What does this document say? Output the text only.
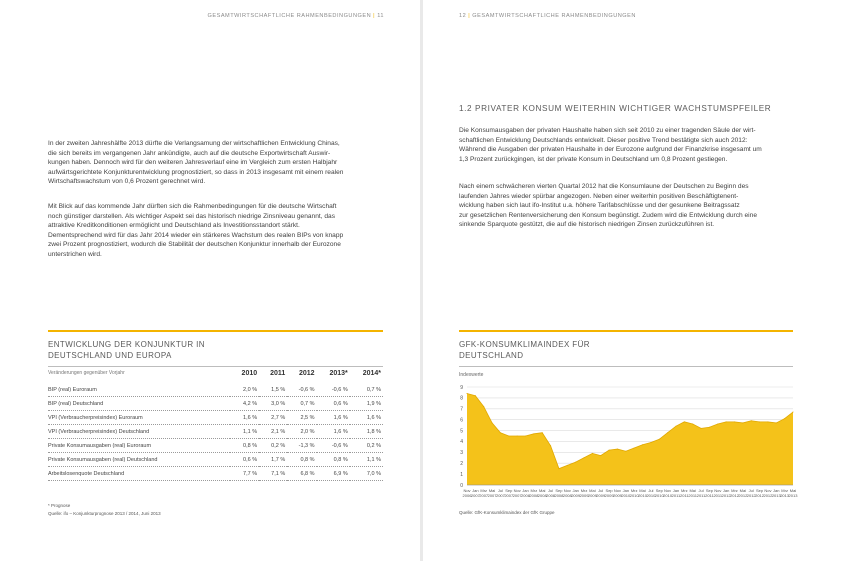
GESAMTWIRTSCHAFTLICHE RAHMENBEDINGUNGEN | 11
In der zweiten Jahreshälfte 2013 dürfte die Verlangsamung der wirtschaftlichen Entwicklung Chinas,
die sich bereits im vergangenen Jahr ankündigte, auch auf die deutsche Exportwirtschaft Auswir-
kungen haben. Dennoch wird für den weiteren Jahresverlauf eine im Vergleich zum ersten Halbjahr
aufwärtsgerichtete Konjunkturentwicklung prognostiziert, so dass in 2013 insgesamt mit einem realen
Wirtschaftswachstum von 0,6 Prozent gerechnet wird.
Mit Blick auf das kommende Jahr dürften sich die Rahmenbedingungen für die deutsche Wirtschaft
noch günstiger darstellen. Als wichtiger Aspekt sei das historisch niedrige Zinsniveau genannt, das
attraktive Kreditkonditionen ermöglicht und Deutschland als Investitionsstandort stärkt.
Dementsprechend wird für das Jahr 2014 wieder ein stärkeres Wachstum des realen BIPs von knapp
zwei Prozent prognostiziert, wodurch die Stabilität der deutschen Konjunktur innerhalb der Eurozone
unterstrichen wird.
ENTWICKLUNG DER KONJUNKTUR IN
DEUTSCHLAND UND EUROPA
Veränderungen gegenüber Vorjahr	2010	2011	2012	2013*	2014*
BIP (real) Euroraum	2,0 %	1,5 %	-0,6 %	-0,6 %	0,7 %
BIP (real) Deutschland	4,2 %	3,0 %	0,7 %	0,6 %	1,9 %
VPI (Verbraucherpreisindex) Euroraum	1,6 %	2,7 %	2,5 %	1,6 %	1,6 %
VPI (Verbraucherpreisindex) Deutschland	1,1 %	2,1 %	2,0 %	1,6 %	1,8 %
Private Konsumausgaben (real) Euroraum	0,8 %	0,2 %	-1,3 %	-0,6 %	0,2 %
Private Konsumausgaben (real) Deutschland	0,6 %	1,7 %	0,8 %	0,8 %	1,1 %
Arbeitslosenquote Deutschland	7,7 %	7,1 %	6,8 %	6,9 %	7,0 %
* Prognose
Quelle: ifo – Konjunkturprognose 2013 / 2014, Juni 2013
12 | GESAMTWIRTSCHAFTLICHE RAHMENBEDINGUNGEN
1.2 PRIVATER KONSUM WEITERHIN WICHTIGER WACHSTUMSPFEILER
Die Konsumausgaben der privaten Haushalte haben sich seit 2010 zu einer tragenden Säule der wirt-
schaftlichen Entwicklung Deutschlands entwickelt. Dieser positive Trend bestätigte sich auch 2012:
Während die Ausgaben der privaten Haushalte in der Eurozone aufgrund der Finanzkrise insgesamt um
1,3 Prozent zurückgingen, ist der private Konsum in Deutschland um 0,8 Prozent gestiegen.
Nach einem schwächeren vierten Quartal 2012 hat die Konsumlaune der Deutschen zu Beginn des
laufenden Jahres wieder spürbar angezogen. Neben einer weiterhin positiven Beschäftigtenent-
wicklung haben sich laut ifo-Institut u.a. höhere Tarifabschlüsse und der gesunkene Beitragssatz
zur gesetzlichen Rentenversicherung den Konsum begünstigt. Zudem wird die Entwicklung durch eine
sinkende Sparquote gestützt, die auf die historisch niedrigen Zinsen zurückzuführen ist.
GFK-KONSUMKLIMAINDEX FÜR
DEUTSCHLAND
Indexwerte
Quelle: GfK-Konsumklimaindex der GfK Gruppe
0
1
2
3
4
5
6
7
8
9
Nov
2006
Jan
2007
Mrz
2007
Mai
2007
Jul
2007
Sep
2007
Nov
2007
Jan
2008
Mrz
2008
Mai
2008
Jul
2008
Sep
2008
Nov
2008
Jan
2009
Mrz
2009
Mai
2009
Jul
2009
Sep
2009
Nov
2009
Jan
2010
Mrz
2010
Mai
2010
Jul
2010
Sep
2010
Nov
2010
Jan
2011
Mrz
2011
Mai
2011
Jul
2011
Sep
2011
Nov
2011
Jan
2012
Mrz
2012
Mai
2012
Jul
2012
Sep
2012
Nov
2012
Jan
2013
Mrz
2013
Mai
2013
